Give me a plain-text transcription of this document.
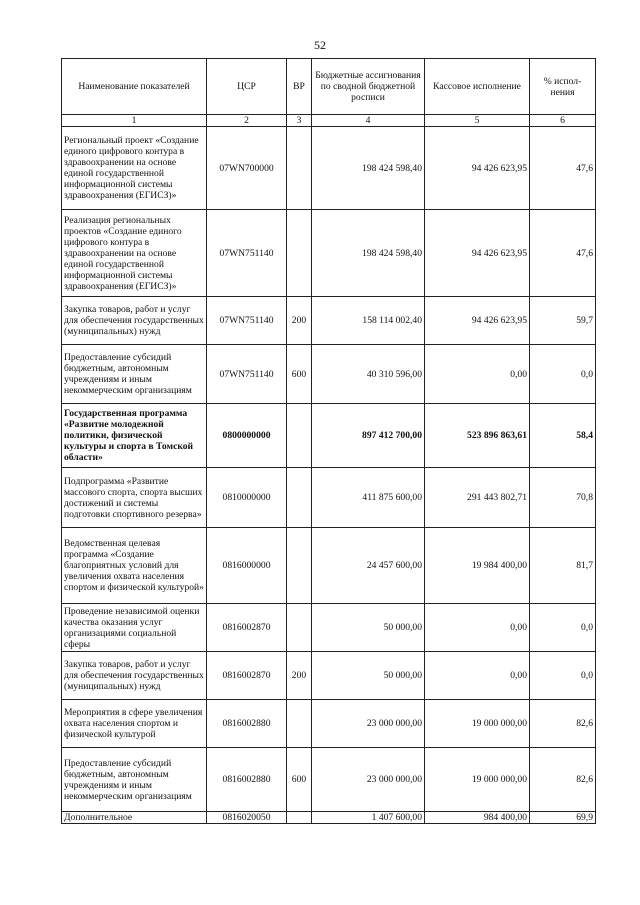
52
Наименование показателей	ЦСР	ВР	Бюджетные ассигнования по сводной бюджетной росписи	Кассовое исполнение	% испол-нения
1	2	3	4	5	6
Региональный проект «Создание единого цифрового контура в здравоохранении на основе единой государственной информационной системы здравоохранения (ЕГИСЗ)»	07WN700000		198 424 598,40	94 426 623,95	47,6
Реализация региональных проектов «Создание единого цифрового контура в здравоохранении на основе единой государственной информационной системы здравоохранения (ЕГИСЗ)»	07WN751140		198 424 598,40	94 426 623,95	47,6
Закупка товаров, работ и услуг для обеспечения государственных (муниципальных) нужд	07WN751140	200	158 114 002,40	94 426 623,95	59,7
Предоставление субсидий бюджетным, автономным учреждениям и иным некоммерческим организациям	07WN751140	600	40 310 596,00	0,00	0,0
Государственная программа «Развитие молодежной политики, физической культуры и спорта в Томской области»	0800000000		897 412 700,00	523 896 863,61	58,4
Подпрограмма «Развитие массового спорта, спорта высших достижений и системы подготовки спортивного резерва»	0810000000		411 875 600,00	291 443 802,71	70,8
Ведомственная целевая программа «Создание благоприятных условий для увеличения охвата населения спортом и физической культурой»	0816000000		24 457 600,00	19 984 400,00	81,7
Проведение независимой оценки качества оказания услуг организациями социальной сферы	0816002870		50 000,00	0,00	0,0
Закупка товаров, работ и услуг для обеспечения государственных (муниципальных) нужд	0816002870	200	50 000,00	0,00	0,0
Мероприятия в сфере увеличения охвата населения спортом и физической культурой	0816002880		23 000 000,00	19 000 000,00	82,6
Предоставление субсидий бюджетным, автономным учреждениям и иным некоммерческим организациям	0816002880	600	23 000 000,00	19 000 000,00	82,6
Дополнительное	0816020050		1 407 600,00	984 400,00	69,9
